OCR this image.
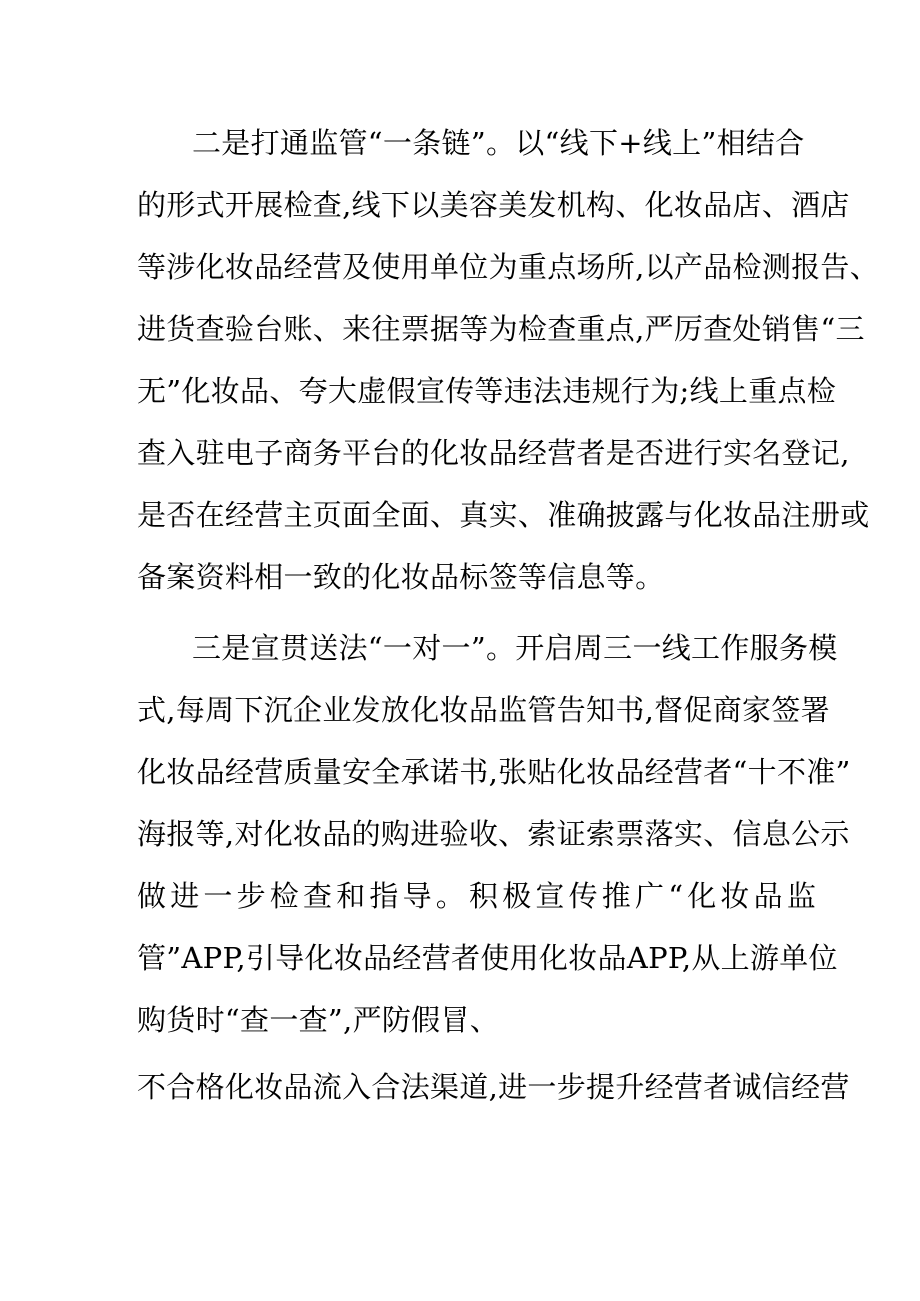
二是打通监管“一条链”。以“线下+线上”相结合
的形式开展检查,线下以美容美发机构、化妆品店、酒店
等涉化妆品经营及使用单位为重点场所,以产品检测报告、
进货查验台账、来往票据等为检查重点,严厉查处销售“三
无”化妆品、夸大虚假宣传等违法违规行为;线上重点检
查入驻电子商务平台的化妆品经营者是否进行实名登记,
是否在经营主页面全面、真实、准确披露与化妆品注册或
备案资料相一致的化妆品标签等信息等。
三是宣贯送法“一对一”。开启周三一线工作服务模
式,每周下沉企业发放化妆品监管告知书,督促商家签署
化妆品经营质量安全承诺书,张贴化妆品经营者“十不准”
海报等,对化妆品的购进验收、索证索票落实、信息公示
做进一步检查和指导。积极宣传推广“化妆品监
管”APP,引导化妆品经营者使用化妆品APP,从上游单位
购货时“查一查”,严防假冒、
不合格化妆品流入合法渠道,进一步提升经营者诚信经营
